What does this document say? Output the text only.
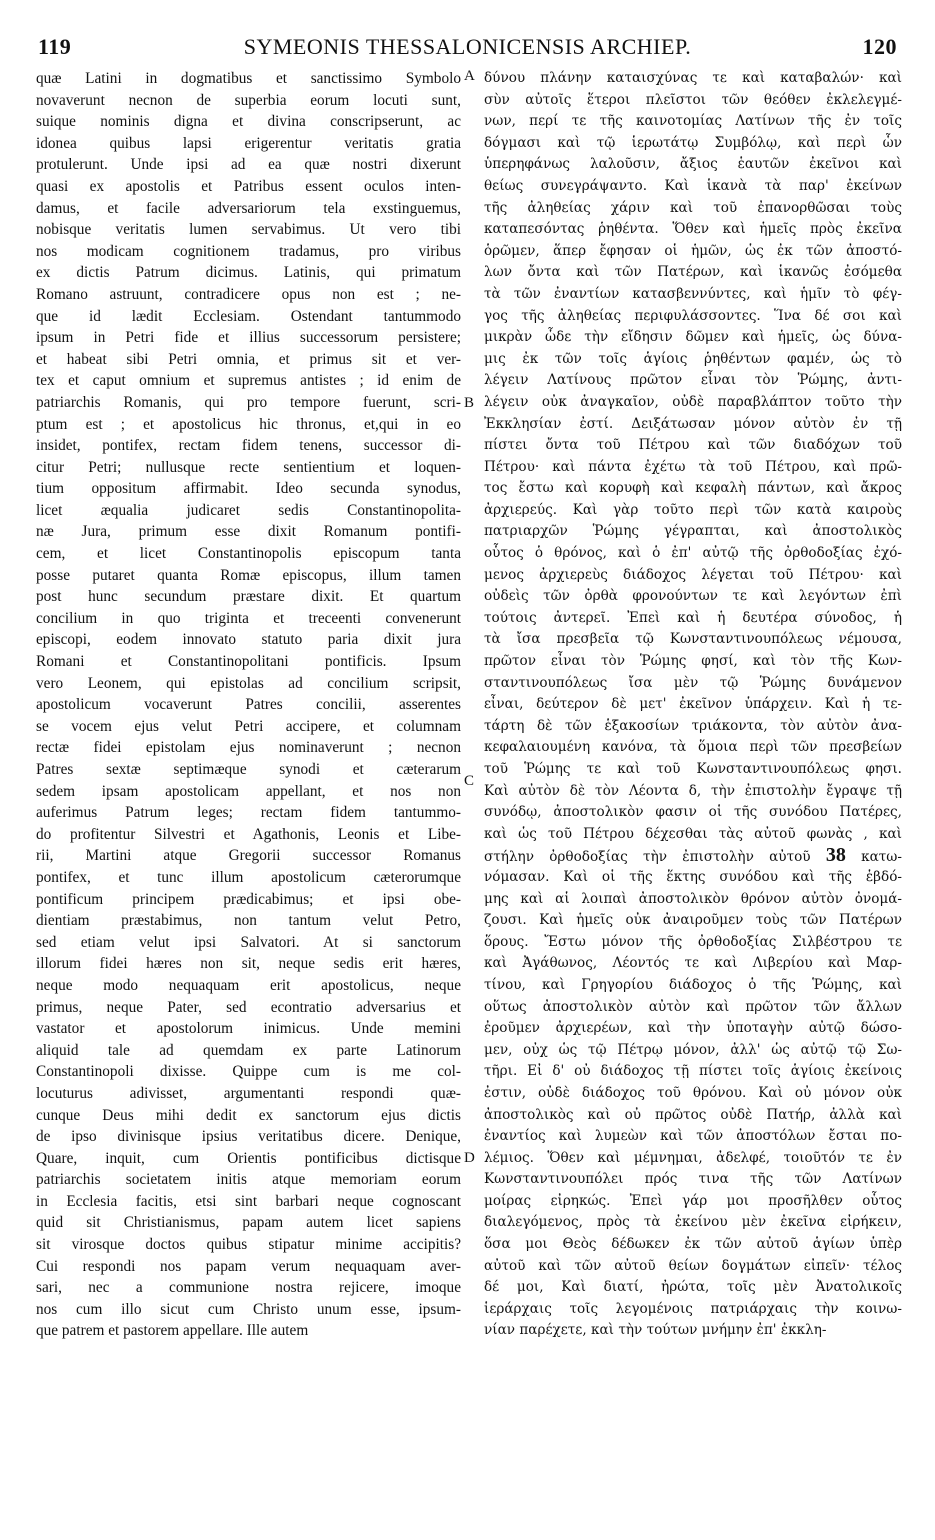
119	SYMEONIS THESSALONICENSIS ARCHIEP.	120
quæ Latini in dogmatibus et sanctissimo Symbolo
novaverunt necnon de superbia eorum locuti sunt,
suique nominis digna et divina conscripserunt, ac
idonea quibus lapsi erigerentur veritatis gratia
protulerunt. Unde ipsi ad ea quæ nostri dixerunt
quasi ex apostolis et Patribus essent oculos inten-
damus, et facile adversariorum tela exstinguemus,
nobisque veritatis lumen servabimus. Ut vero tibi
nos modicam cognitionem tradamus, pro viribus
ex dictis Patrum dicimus. Latinis, qui primatum
Romano astruunt, contradicere opus non est ; ne-
que id lædit Ecclesiam. Ostendant tantummodo
ipsum in Petri fide et illius successorum persistere;
et habeat sibi Petri omnia, et primus sit et ver-
tex et caput omnium et supremus antistes ; id enim de
patriarchis Romanis, qui pro tempore fuerunt, scri-
ptum est ; et apostolicus hic thronus, et,qui in eo
insidet, pontifex, rectam fidem tenens, successor di-
citur Petri; nullusque recte sentientium et loquen-
tium oppositum affirmabit. Ideo secunda synodus,
licet æqualia judicaret sedis Constantinopolita-
næ Jura, primum esse dixit Romanum pontifi-
cem, et licet Constantinopolis episcopum tanta
posse putaret quanta Romæ episcopus, illum tamen
post hunc secundum præstare dixit. Et quartum
concilium in quo triginta et treceenti convenerunt
episcopi, eodem innovato statuto paria dixit jura
Romani et Constantinopolitani pontificis. Ipsum
vero Leonem, qui epistolas ad concilium scripsit,
apostolicum vocaverunt Patres concilii, asserentes
se vocem ejus velut Petri accipere, et columnam
rectæ fidei epistolam ejus nominaverunt ; necnon
Patres sextæ septimæque synodi et cæterarum
sedem ipsam apostolicam appellant, et nos non
auferimus Patrum leges; rectam fidem tantummo-
do profitentur Silvestri et Agathonis, Leonis et Libe-
rii, Martini atque Gregorii successor Romanus
pontifex, et tunc illum apostolicum cæterorumque
pontificum principem prædicabimus; et ipsi obe-
dientiam præstabimus, non tantum velut Petro,
sed etiam velut ipsi Salvatori. At si sanctorum
illorum fidei hæres non sit, neque sedis erit hæres,
neque modo nequaquam erit apostolicus, neque
primus, neque Pater, sed econtratio adversarius et
vastator et apostolorum inimicus. Unde memini
aliquid tale ad quemdam ex parte Latinorum
Constantinopoli dixisse. Quippe cum is me col-
locuturus adivisset, argumentanti respondi quæ-
cunque Deus mihi dedit ex sanctorum ejus dictis
de ipso divinisque ipsius veritatibus dicere. Denique,
Quare, inquit, cum Orientis pontificibus dictisque
patriarchis societatem initis atque memoriam eorum
in Ecclesia facitis, etsi sint barbari neque cognoscant
quid sit Christianismus, papam autem licet sapiens
sit virosque doctos quibus stipatur minime accipitis?
Cui respondi nos papam verum nequaquam aver-
sari, nec a communione nostra rejicere, imoque
nos cum illo sicut cum Christo unum esse, ipsum-
que patrem et pastorem appellare. Ille autem
δύνου πλάνην καταισχύνας τε καὶ καταβαλών· καὶ
σὺν αὐτοῖς ἕτεροι πλεῖστοι τῶν θεόθεν ἐκλελεγμέ-
νων, περί τε τῆς καινοτομίας Λατίνων τῆς ἐν τοῖς
δόγμασι καὶ τῷ ἱερωτάτῳ Συμβόλῳ, καὶ περὶ ὧν
ὑπερηφάνως λαλοῦσιν, ἄξιος ἑαυτῶν ἐκεῖνοι καὶ
θείως συνεγράψαντο. Καὶ ἱκανὰ τὰ παρ' ἐκείνων
τῆς ἀληθείας χάριν καὶ τοῦ ἐπανορθῶσαι τοὺς
καταπεσόντας ῥηθέντα. Ὅθεν καὶ ἡμεῖς πρὸς ἐκεῖνα
ὁρῶμεν, ἅπερ ἔφησαν οἱ ἡμῶν, ὡς ἐκ τῶν ἀποστό-
λων ὄντα καὶ τῶν Πατέρων, καὶ ἱκανῶς ἐσόμεθα
τὰ τῶν ἐναντίων κατασβεννύντες, καὶ ἡμῖν τὸ φέγ-
γος τῆς ἀληθείας περιφυλάσσοντες. Ἵνα δέ σοι καὶ
μικρὰν ὧδε τὴν εἴδησιν δῶμεν καὶ ἡμεῖς, ὡς δύνα-
μις ἐκ τῶν τοῖς ἁγίοις ῥηθέντων φαμέν, ὡς τὸ
λέγειν Λατίνους πρῶτον εἶναι τὸν Ῥώμης, ἀντι-
λέγειν οὐκ ἀναγκαῖον, οὐδὲ παραβλάπτον τοῦτο τὴν
Ἐκκλησίαν ἐστί. Δειξάτωσαν μόνον αὐτὸν ἐν τῇ
πίστει ὄντα τοῦ Πέτρου καὶ τῶν διαδόχων τοῦ
Πέτρου· καὶ πάντα ἐχέτω τὰ τοῦ Πέτρου, καὶ πρῶ-
τος ἔστω καὶ κορυφὴ καὶ κεφαλὴ πάντων, καὶ ἄκρος
ἀρχιερεύς. Καὶ γὰρ τοῦτο περὶ τῶν κατὰ καιροὺς
πατριαρχῶν Ῥώμης γέγραπται, καὶ ἀποστολικὸς
οὗτος ὁ θρόνος, καὶ ὁ ἐπ' αὐτῷ τῆς ὀρθοδοξίας ἐχό-
μενος ἀρχιερεὺς διάδοχος λέγεται τοῦ Πέτρου· καὶ
οὐδεὶς τῶν ὀρθὰ φρονούντων τε καὶ λεγόντων ἐπὶ
τούτοις ἀντερεῖ. Ἐπεὶ καὶ ἡ δευτέρα σύνοδος, ἡ
τὰ ἴσα πρεσβεῖα τῷ Κωνσταντινουπόλεως νέμουσα,
πρῶτον εἶναι τὸν Ῥώμης φησί, καὶ τὸν τῆς Κων-
σταντινουπόλεως ἴσα μὲν τῷ Ῥώμης δυνάμενον
εἶναι, δεύτερον δὲ μετ' ἐκεῖνον ὑπάρχειν. Καὶ ἡ τε-
τάρτη δὲ τῶν ἑξακοσίων τριάκοντα, τὸν αὐτὸν ἀνα-
κεφαλαιουμένη κανόνα, τὰ ὅμοια περὶ τῶν πρεσβείων
τοῦ Ῥώμης τε καὶ τοῦ Κωνσταντινουπόλεως φησι.
Καὶ αὐτὸν δὲ τὸν Λέοντα δ, τὴν ἐπιστολὴν ἔγραψε τῇ
συνόδῳ, ἀποστολικὸν φασιν οἱ τῆς συνόδου Πατέρες,
καὶ ὡς τοῦ Πέτρου δέχεσθαι τὰς αὐτοῦ φωνὰς , καὶ
στήλην ὀρθοδοξίας τὴν ἐπιστολὴν αὐτοῦ 38 κατω-
νόμασαν. Καὶ οἱ τῆς ἕκτης συνόδου καὶ τῆς ἑβδό-
μης καὶ αἱ λοιπαὶ ἀποστολικὸν θρόνον αὐτὸν ὀνομά-
ζουσι. Καὶ ἡμεῖς οὐκ ἀναιροῦμεν τοὺς τῶν Πατέρων
ὅρους. Ἔστω μόνον τῆς ὀρθοδοξίας Σιλβέστρου τε
καὶ Ἀγάθωνος, Λέοντός τε καὶ Λιβερίου καὶ Μαρ-
τίνου, καὶ Γρηγορίου διάδοχος ὁ τῆς Ῥώμης, καὶ
οὕτως ἀποστολικὸν αὐτὸν καὶ πρῶτον τῶν ἄλλων
ἐροῦμεν ἀρχιερέων, καὶ τὴν ὑποταγὴν αὐτῷ δώσο-
μεν, οὐχ ὡς τῷ Πέτρῳ μόνον, ἀλλ' ὡς αὐτῷ τῷ Σω-
τῆρι. Εἰ δ' οὐ διάδοχος τῇ πίστει τοῖς ἁγίοις ἐκείνοις
ἐστιν, οὐδὲ διάδοχος τοῦ θρόνου. Καὶ οὐ μόνον οὐκ
ἀποστολικὸς καὶ οὐ πρῶτος οὐδὲ Πατήρ, ἀλλὰ καὶ
ἐναντίος καὶ λυμεὼν καὶ τῶν ἀποστόλων ἔσται πο-
λέμιος. Ὅθεν καὶ μέμνημαι, ἀδελφέ, τοιοῦτόν τε ἐν
Κωνσταντινουπόλει πρός τινα τῆς τῶν Λατίνων
μοίρας εἰρηκώς. Ἐπεὶ γάρ μοι προσῆλθεν οὗτος
διαλεγόμενος, πρὸς τὰ ἐκείνου μὲν ἐκεῖνα εἰρήκειν,
ὅσα μοι Θεὸς δέδωκεν ἐκ τῶν αὐτοῦ ἁγίων ὑπὲρ
αὐτοῦ καὶ τῶν αὐτοῦ θείων δογμάτων εἰπεῖν· τέλος
δέ μοι, Καὶ διατί, ἠρώτα, τοῖς μὲν Ἀνατολικοῖς
ἱεράρχαις τοῖς λεγομένοις πατριάρχαις τὴν κοινω-
νίαν παρέχετε, καὶ τὴν τούτων μνήμην ἐπ' ἐκκλη-
A
B
C
D
